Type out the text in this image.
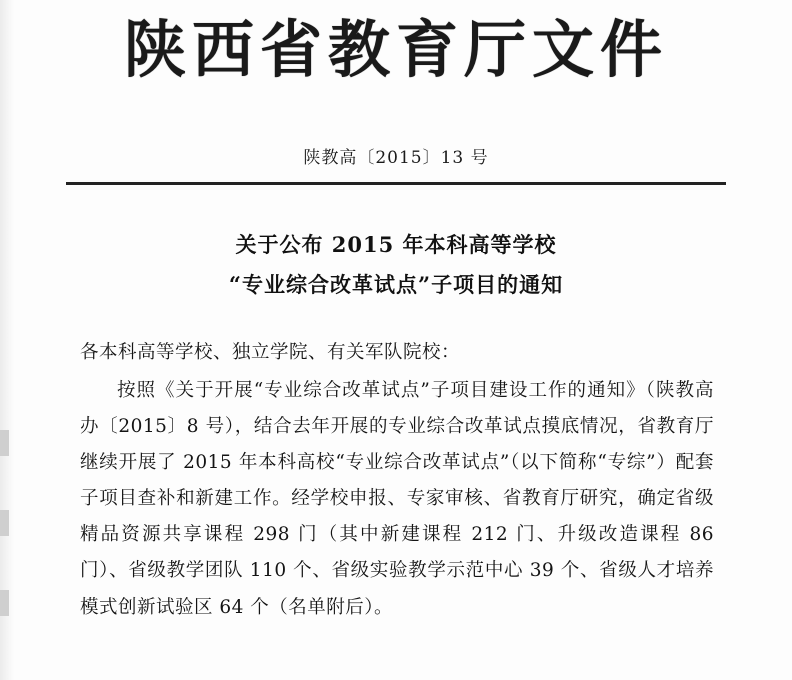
陕西省教育厅文件
陕教高〔2015〕13 号
关于公布 2015 年本科高等学校
“专业综合改革试点”子项目的通知
各本科高等学校、独立学院、有关军队院校：

按照《关于开展“专业综合改革试点”子项目建设工作的通知》（陕教高办〔2015〕8 号），结合去年开展的专业综合改革试点摸底情况，省教育厅继续开展了 2015 年本科高校“专业综合改革试点”（以下简称“专综”）配套子项目查补和新建工作。经学校申报、专家审核、省教育厅研究，确定省级精品资源共享课程 298 门（其中新建课程 212 门、升级改造课程 86 门）、省级教学团队 110 个、省级实验教学示范中心 39 个、省级人才培养模式创新试验区 64 个（名单附后）。
